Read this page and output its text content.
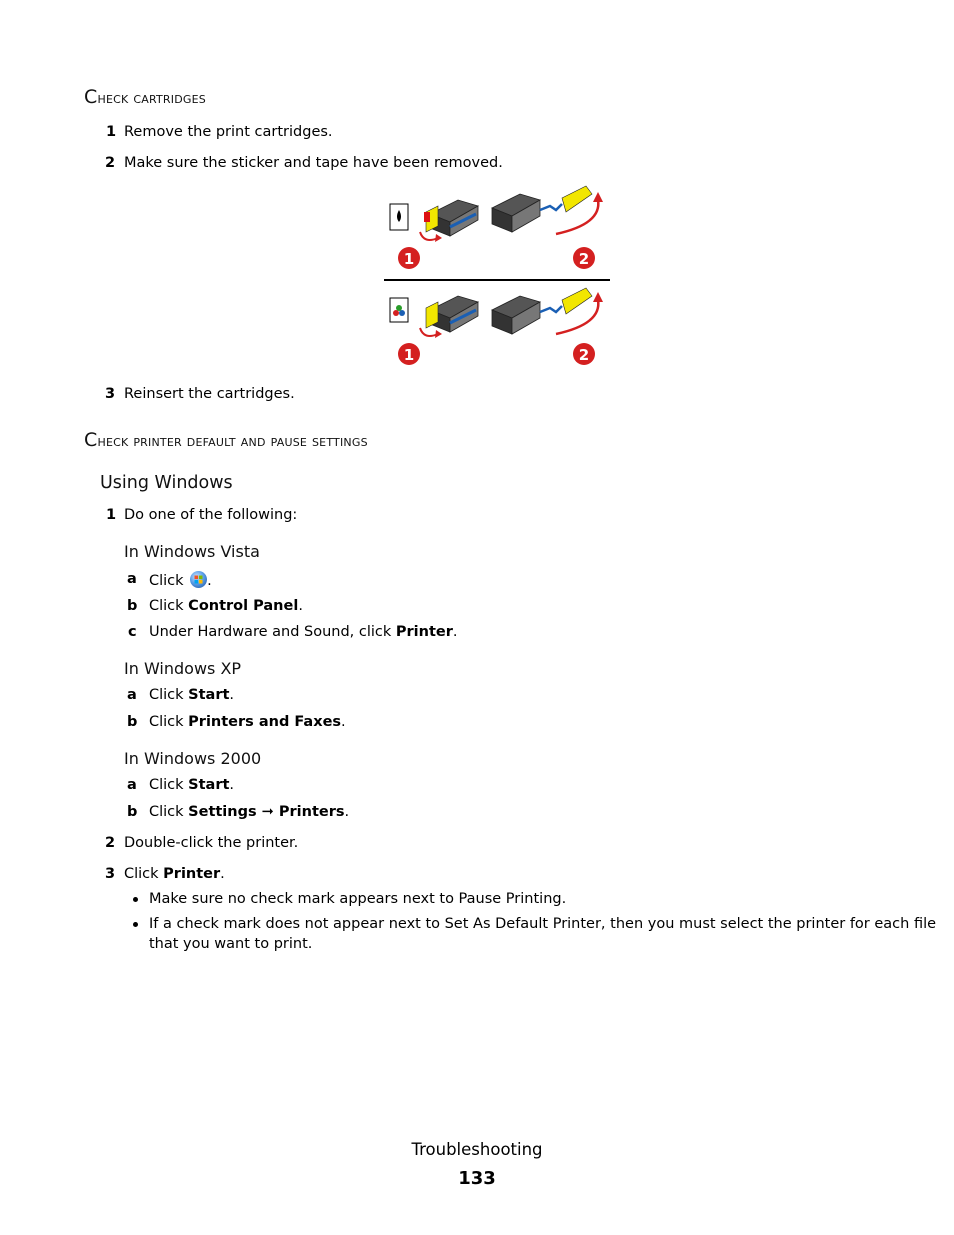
Check cartridges
1 Remove the print cartridges.
2 Make sure the sticker and tape have been removed.
1	2
1	2
3 Reinsert the cartridges.
Check printer default and pause settings
Using Windows
1 Do one of the following:
In Windows Vista
a Click .
b Click Control Panel.
c Under Hardware and Sound, click Printer.
In Windows XP
a Click Start.
b Click Printers and Faxes.
In Windows 2000
a Click Start.
b Click Settings ➞ Printers.
2 Double-click the printer.
3 Click Printer.
Make sure no check mark appears next to Pause Printing.
If a check mark does not appear next to Set As Default Printer, then you must select the printer for each file
that you want to print.
Troubleshooting
133
